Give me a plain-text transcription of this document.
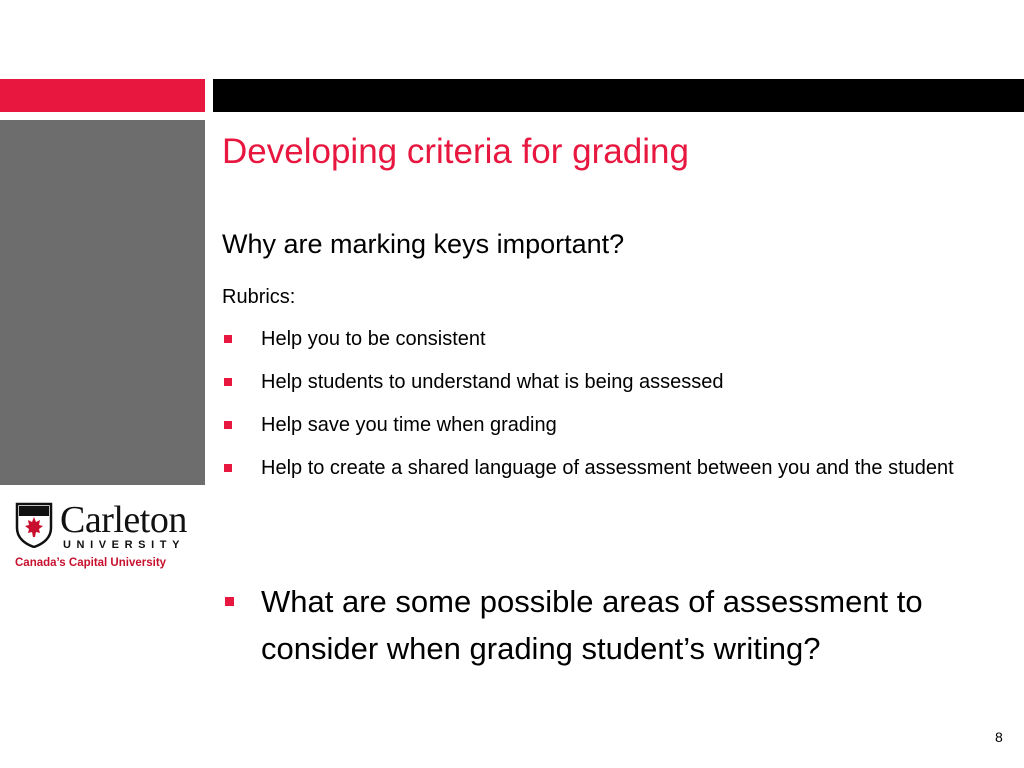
Developing criteria for grading
Why are marking keys important?
Rubrics:
Help you to be consistent
Help students to understand what is being assessed
Help save you time when grading
Help to create a shared language of assessment between you and the student
What are some possible areas of assessment to consider when grading student’s writing?
Carleton
UNIVERSITY
Canada’s Capital University
8
